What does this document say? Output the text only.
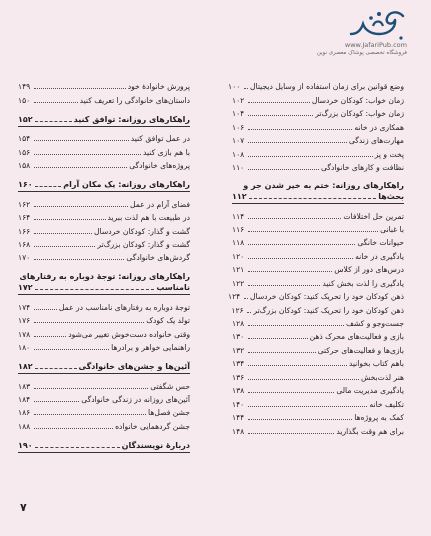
www.JafariPub.com
فروشگاه تخصصی پوشاک معصری نوین
وضع قوانین برای زمان استفاده از وسایل دیجیتال
۱۰۰
زمان خواب: کودکان خردسال
۱۰۲
زمان خواب: کودکان بزرگ‌تر
۱۰۴
همکاری در خانه
۱۰۶
مهارت‌های زندگی
۱۰۷
پخت و پز
۱۰۸
نظافت و کارهای خانوادگی
۱۱۰
راهکارهای روزانه: ختم به خیر شدن جر و
بحث‌ها
۱۱۲
تمرین حل اختلافات
۱۱۴
با غبانی
۱۱۶
حیوانات خانگی
۱۱۸
یادگیری در خانه
۱۲۰
درس‌های دور از کلاس
۱۲۱
یادگیری را لذت بخش کنید
۱۲۲
ذهن کودکان خود را تحریک کنید: کودکان خردسال
۱۲۴
ذهن کودکان خود را تحریک کنید: کودکان بزرگ‌تر
۱۲۶
جست‌وجو و کشف
۱۲۸
بازی و فعالیت‌های محرک ذهن
۱۳۰
بازی‌ها و فعالیت‌های حرکتی
۱۳۲
باهم کتاب بخوانید
۱۳۴
هنر لذت‌بخش
۱۳۶
یادگیری مدیریت مالی
۱۳۸
تکلیف خانه
۱۴۰
کمک به پروژه‌ها
۱۴۴
برای هم وقت بگذارید
۱۴۸
پرورش خانوادهٔ خود
۱۴۹
داستان‌های خانوادگی را تعریف کنید
۱۵۰
راهکارهای روزانه: توافق کنید
۱۵۲
در عمل توافق کنید
۱۵۴
با هم بازی کنید
۱۵۶
پروژه‌های خانوادگی
۱۵۸
راهکارهای روزانه: یک مکان آرام
۱۶۰
فضای آرام در عمل
۱۶۲
در طبیعت با هم لذت ببرید
۱۶۴
گشت و گذار: کودکان خردسال
۱۶۶
گشت و گذار: کودکان بزرگ‌تر
۱۶۸
گردش‌های خانوادگی
۱۷۰
راهکارهای روزانه: توجهٔ دوباره به رفتارهای
نامناسب
۱۷۲
توجهٔ دوباره به رفتارهای نامناسب در عمل
۱۷۴
تولد یک کودک
۱۷۶
وقتی خانواده دست‌خوش تغییر می‌شود
۱۷۸
راهنمایی خواهر و برادرها
۱۸۰
آئین‌ها و جشن‌های خانوادگی
۱۸۲
حس شگفتی
۱۸۳
آئین‌های روزانه در زندگی خانوادگی
۱۸۴
جشن فصل‌ها
۱۸۶
جشن گردهمایی خانواده
۱۸۸
دربارهٔ نویسندگان
۱۹۰
۷
